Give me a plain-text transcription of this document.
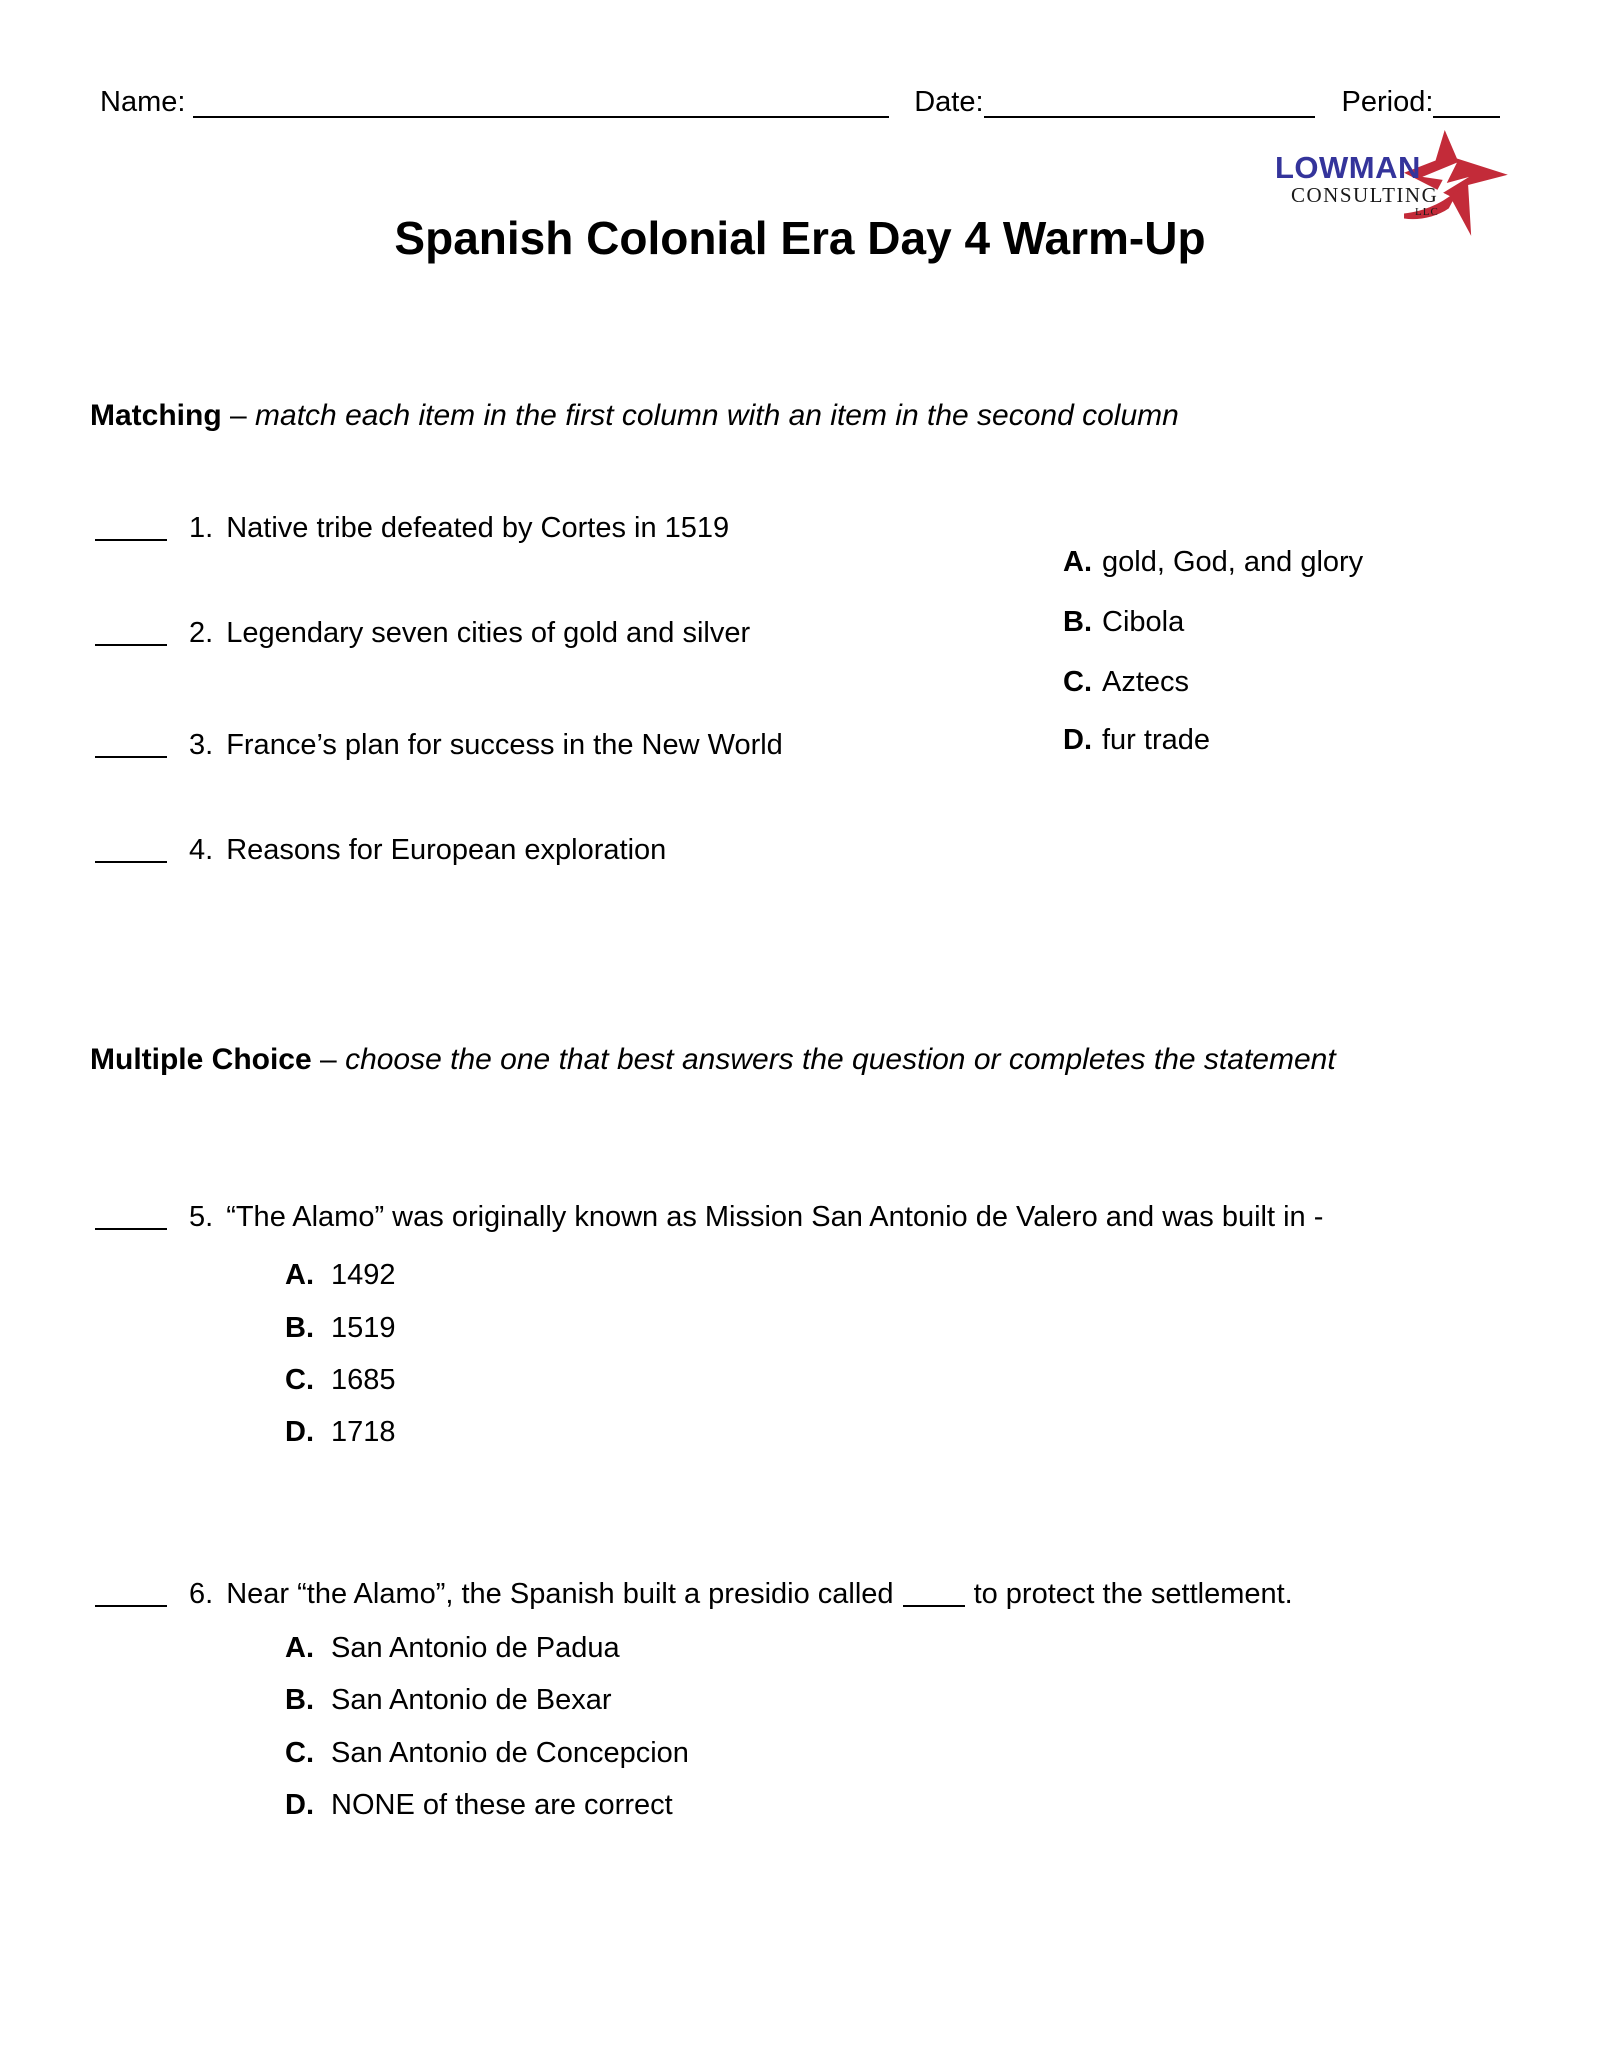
Name:	Date:	Period:
LOWMAN
CONSULTING
LLC
Spanish Colonial Era Day 4 Warm-Up
Matching – match each item in the first column with an item in the second column
1. Native tribe defeated by Cortes in 1519
2. Legendary seven cities of gold and silver
3. France’s plan for success in the New World
4. Reasons for European exploration
A. gold, God, and glory
B. Cibola
C. Aztecs
D. fur trade
Multiple Choice – choose the one that best answers the question or completes the statement
5. “The Alamo” was originally known as Mission San Antonio de Valero and was built in -
A. 1492
B. 1519
C. 1685
D. 1718
6. Near “the Alamo”, the Spanish built a presidio called	to protect the settlement.
A. San Antonio de Padua
B. San Antonio de Bexar
C. San Antonio de Concepcion
D. NONE of these are correct
